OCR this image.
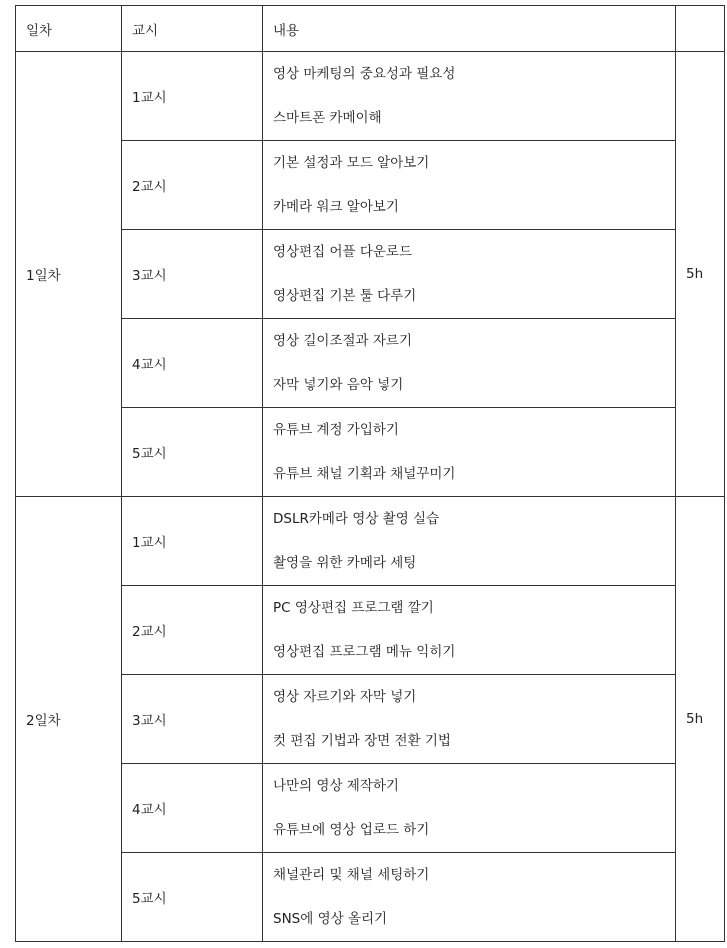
일차	교시	내용	
1일차	1교시	영상 마케팅의 중요성과 필요성
스마트폰 카메이해	5h
	2교시	기본 설정과 모드 알아보기
카메라 워크 알아보기	

	3교시	영상편집 어플 다운로드
영상편집 기본 툴 다루기	

	4교시	영상 길이조절과 자르기
자막 넣기와 음악 넣기	

	5교시	유튜브 계정 가입하기
유튜브 채널 기획과 채널꾸미기	

2일차	1교시	DSLR카메라 영상 촬영 실습
촬영을 위한 카메라 세팅	5h
	2교시	PC 영상편집 프로그램 깔기
영상편집 프로그램 메뉴 익히기	

	3교시	영상 자르기와 자막 넣기
컷 편집 기법과 장면 전환 기법	

	4교시	나만의 영상 제작하기
유튜브에 영상 업로드 하기	

	5교시	채널관리 및 채널 세팅하기
SNS에 영상 올리기	
